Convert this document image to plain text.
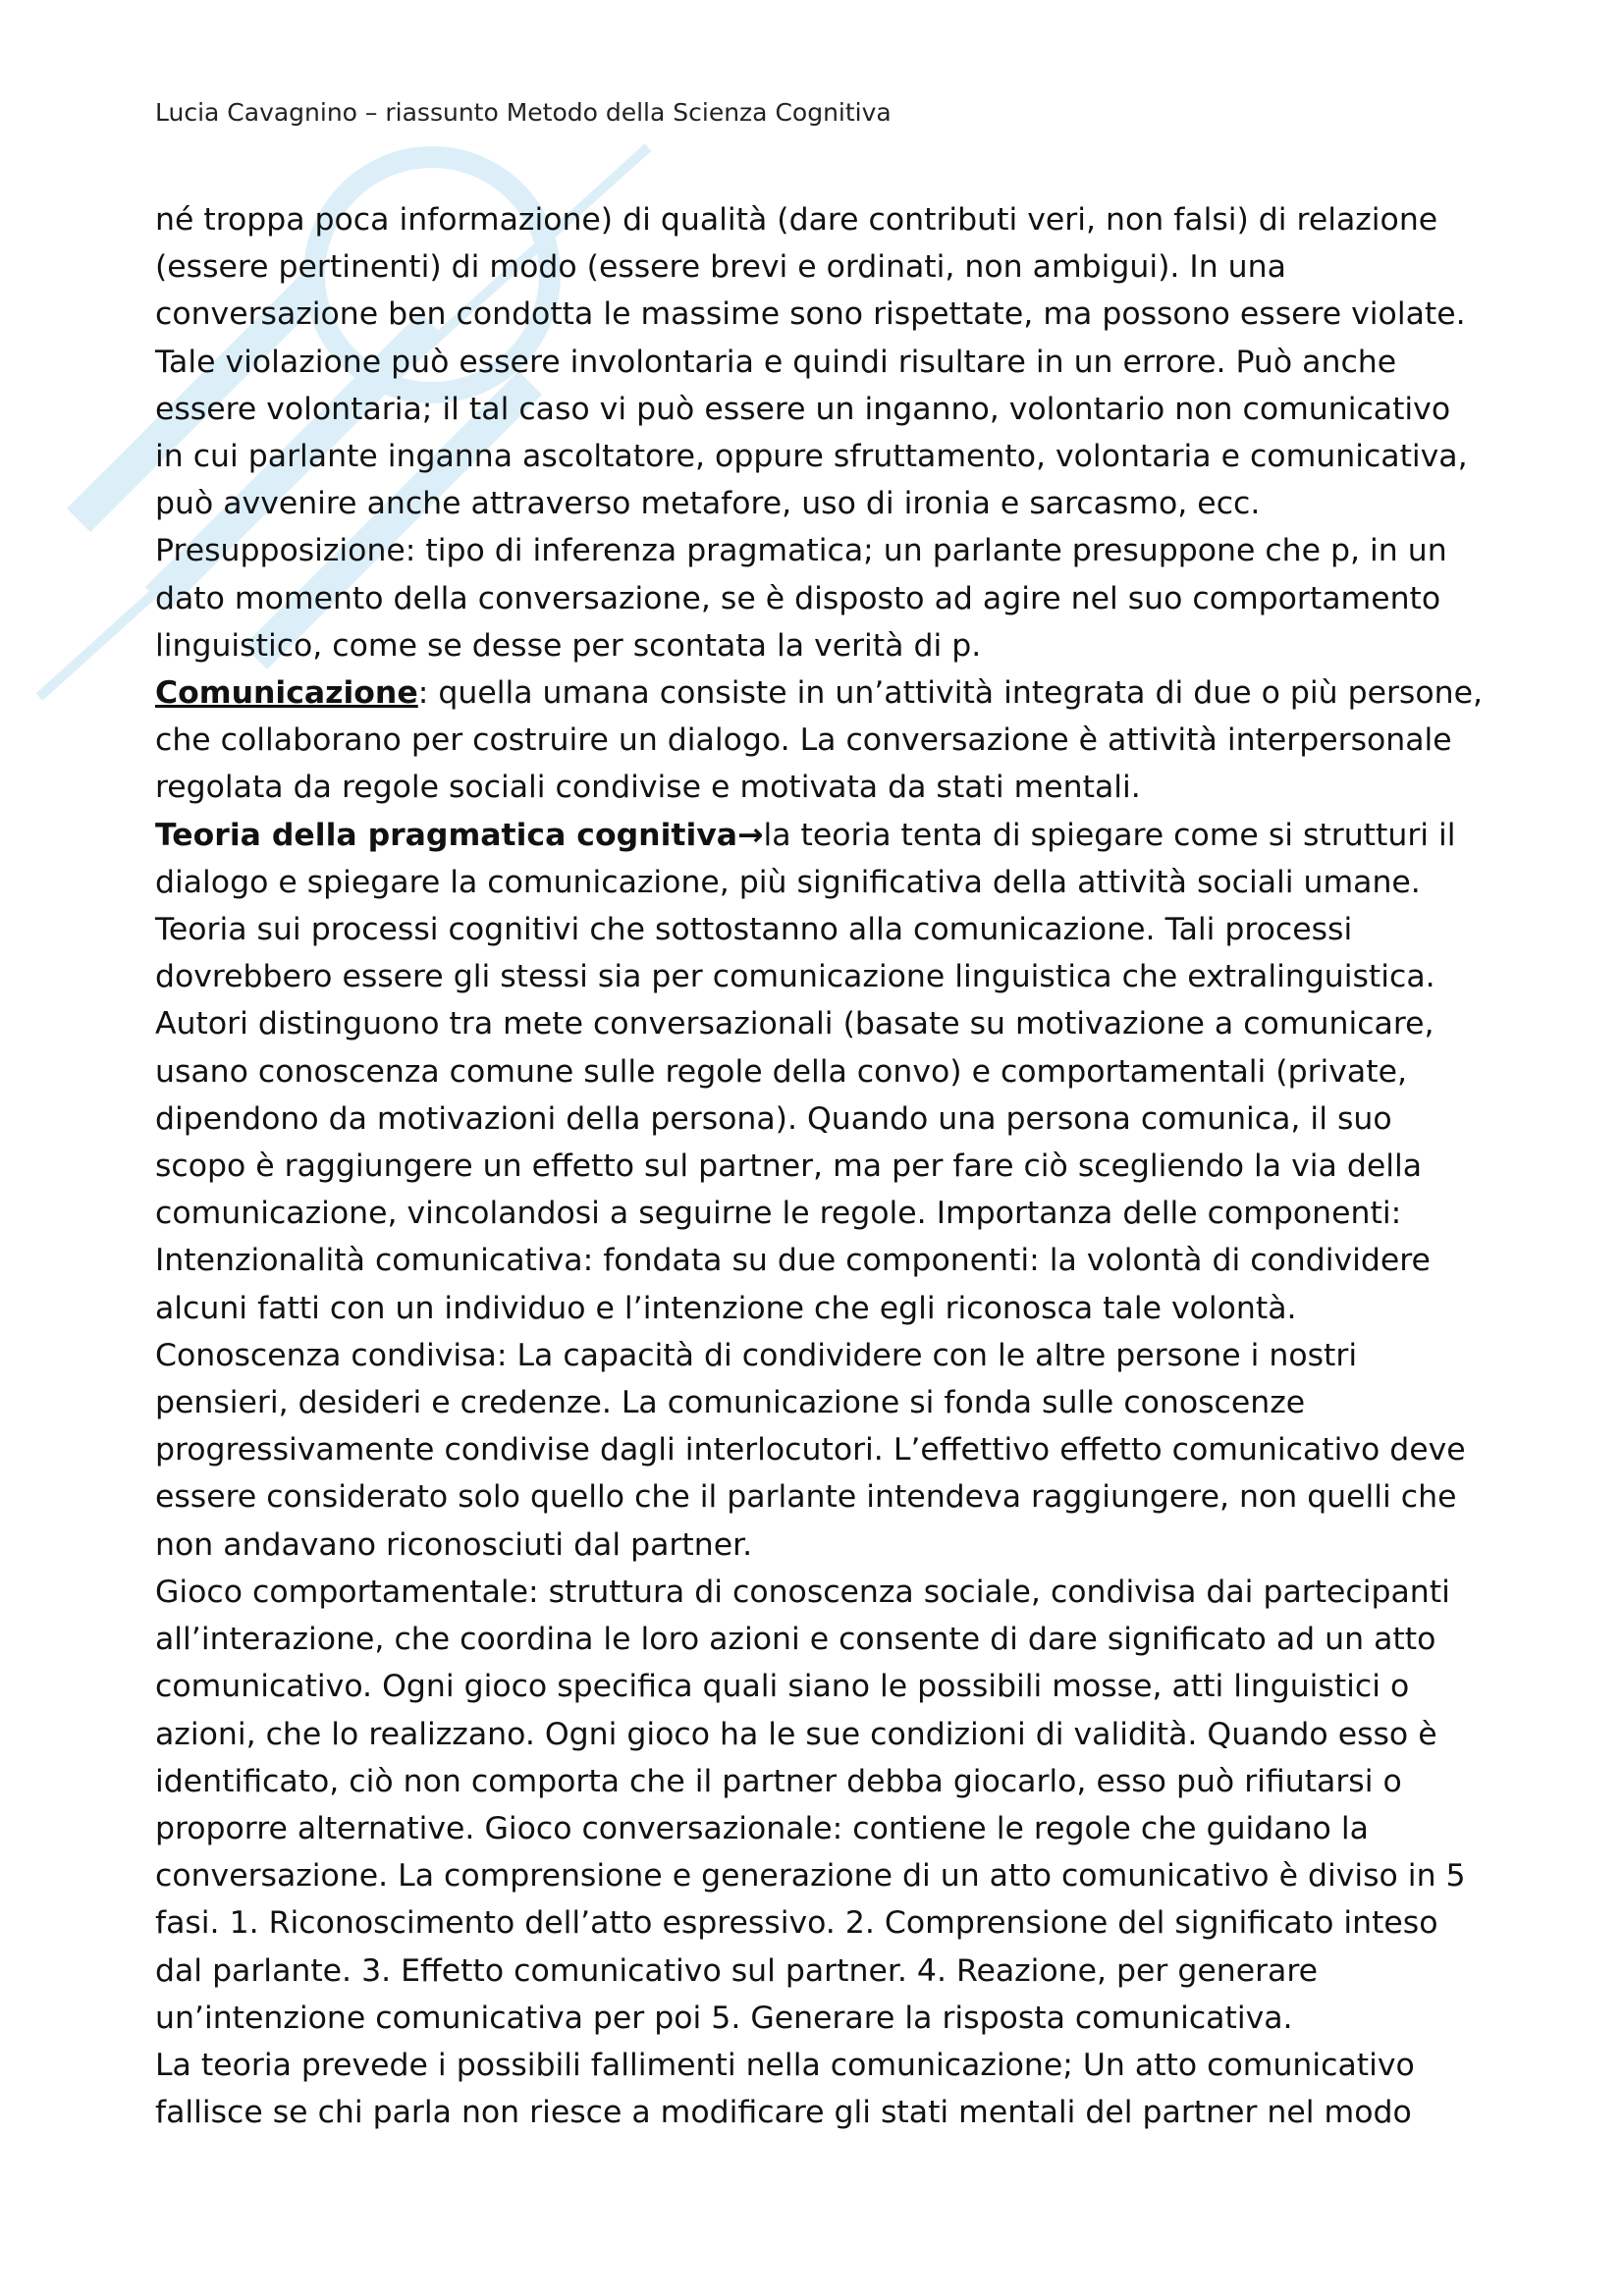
Lucia Cavagnino – riassunto Metodo della Scienza Cognitiva
né troppa poca informazione) di qualità (dare contributi veri, non falsi) di relazione
(essere pertinenti) di modo (essere brevi e ordinati, non ambigui). In una
conversazione ben condotta le massime sono rispettate, ma possono essere violate.
Tale violazione può essere involontaria e quindi risultare in un errore. Può anche
essere volontaria; il tal caso vi può essere un inganno, volontario non comunicativo
in cui parlante inganna ascoltatore, oppure sfruttamento, volontaria e comunicativa,
può avvenire anche attraverso metafore, uso di ironia e sarcasmo, ecc.
Presupposizione: tipo di inferenza pragmatica; un parlante presuppone che p, in un
dato momento della conversazione, se è disposto ad agire nel suo comportamento
linguistico, come se desse per scontata la verità di p.
Comunicazione: quella umana consiste in un’attività integrata di due o più persone,
che collaborano per costruire un dialogo. La conversazione è attività interpersonale
regolata da regole sociali condivise e motivata da stati mentali.
Teoria della pragmatica cognitiva→la teoria tenta di spiegare come si strutturi il
dialogo e spiegare la comunicazione, più significativa della attività sociali umane.
Teoria sui processi cognitivi che sottostanno alla comunicazione. Tali processi
dovrebbero essere gli stessi sia per comunicazione linguistica che extralinguistica.
Autori distinguono tra mete conversazionali (basate su motivazione a comunicare,
usano conoscenza comune sulle regole della convo) e comportamentali (private,
dipendono da motivazioni della persona). Quando una persona comunica, il suo
scopo è raggiungere un effetto sul partner, ma per fare ciò scegliendo la via della
comunicazione, vincolandosi a seguirne le regole. Importanza delle componenti:
Intenzionalità comunicativa: fondata su due componenti: la volontà di condividere
alcuni fatti con un individuo e l’intenzione che egli riconosca tale volontà.
Conoscenza condivisa: La capacità di condividere con le altre persone i nostri
pensieri, desideri e credenze. La comunicazione si fonda sulle conoscenze
progressivamente condivise dagli interlocutori. L’effettivo effetto comunicativo deve
essere considerato solo quello che il parlante intendeva raggiungere, non quelli che
non andavano riconosciuti dal partner.
Gioco comportamentale: struttura di conoscenza sociale, condivisa dai partecipanti
all’interazione, che coordina le loro azioni e consente di dare significato ad un atto
comunicativo. Ogni gioco specifica quali siano le possibili mosse, atti linguistici o
azioni, che lo realizzano. Ogni gioco ha le sue condizioni di validità. Quando esso è
identificato, ciò non comporta che il partner debba giocarlo, esso può rifiutarsi o
proporre alternative. Gioco conversazionale: contiene le regole che guidano la
conversazione. La comprensione e generazione di un atto comunicativo è diviso in 5
fasi. 1. Riconoscimento dell’atto espressivo. 2. Comprensione del significato inteso
dal parlante. 3. Effetto comunicativo sul partner. 4. Reazione, per generare
un’intenzione comunicativa per poi 5. Generare la risposta comunicativa.
La teoria prevede i possibili fallimenti nella comunicazione; Un atto comunicativo
fallisce se chi parla non riesce a modificare gli stati mentali del partner nel modo
